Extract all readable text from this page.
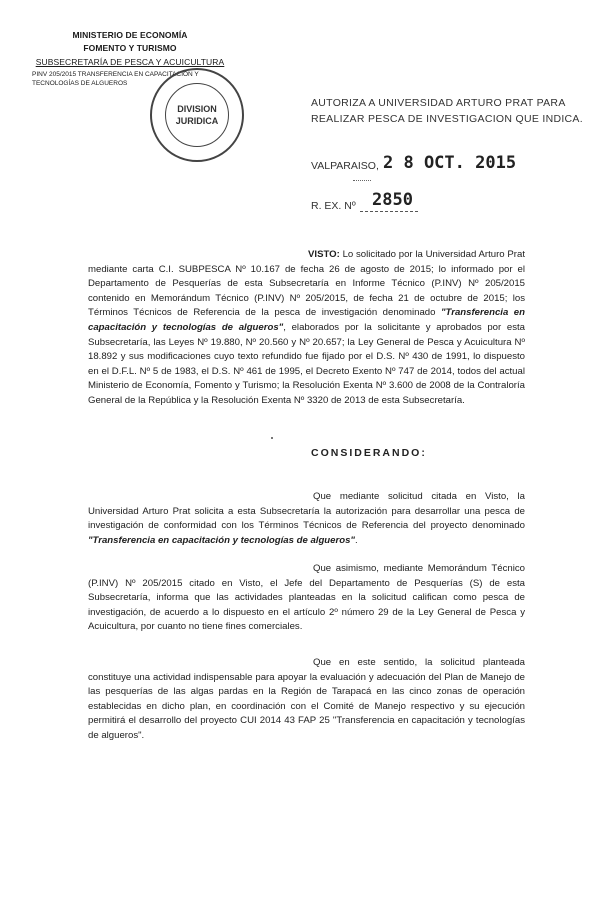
MINISTERIO DE ECONOMÍA
FOMENTO Y TURISMO
SUBSECRETARÍA DE PESCA Y ACUICULTURA
PINV 205/2015 TRANSFERENCIA EN CAPACITACIÓN Y
TECNOLOGÍAS DE ALGUEROS
DIVISION
JURIDICA
AUTORIZA A UNIVERSIDAD ARTURO PRAT PARA
REALIZAR PESCA DE INVESTIGACION QUE INDICA.
VALPARAISO, 2 8 OCT. 2015
R. EX. Nº 2850
VISTO: Lo solicitado por la Universidad Arturo Prat mediante carta C.I. SUBPESCA Nº 10.167 de fecha 26 de agosto de 2015; lo informado por el Departamento de Pesquerías de esta Subsecretaría en Informe Técnico (P.INV) Nº 205/2015 contenido en Memorándum Técnico (P.INV) Nº 205/2015, de fecha 21 de octubre de 2015; los Términos Técnicos de Referencia de la pesca de investigación denominado "Transferencia en capacitación y tecnologías de algueros", elaborados por la solicitante y aprobados por esta Subsecretaría, las Leyes Nº 19.880, Nº 20.560 y Nº 20.657; la Ley General de Pesca y Acuicultura Nº 18.892 y sus modificaciones cuyo texto refundido fue fijado por el D.S. Nº 430 de 1991, lo dispuesto en el D.F.L. Nº 5 de 1983, el D.S. Nº 461 de 1995, el Decreto Exento Nº 747 de 2014, todos del actual Ministerio de Economía, Fomento y Turismo; la Resolución Exenta Nº 3.600 de 2008 de la Contraloría General de la República y la Resolución Exenta Nº 3320 de 2013 de esta Subsecretaría.
CONSIDERANDO:
Que mediante solicitud citada en Visto, la Universidad Arturo Prat solicita a esta Subsecretaría la autorización para desarrollar una pesca de investigación de conformidad con los Términos Técnicos de Referencia del proyecto denominado "Transferencia en capacitación y tecnologías de algueros".
Que asimismo, mediante Memorándum Técnico (P.INV) Nº 205/2015 citado en Visto, el Jefe del Departamento de Pesquerías (S) de esta Subsecretaría, informa que las actividades planteadas en la solicitud califican como pesca de investigación, de acuerdo a lo dispuesto en el artículo 2º número 29 de la Ley General de Pesca y Acuicultura, por cuanto no tiene fines comerciales.
Que en este sentido, la solicitud planteada constituye una actividad indispensable para apoyar la evaluación y adecuación del Plan de Manejo de las pesquerías de las algas pardas en la Región de Tarapacá en las cinco zonas de operación establecidas en dicho plan, en coordinación con el Comité de Manejo respectivo y su ejecución permitirá el desarrollo del proyecto CUI 2014 43 FAP 25 "Transferencia en capacitación y tecnologías de algueros".
